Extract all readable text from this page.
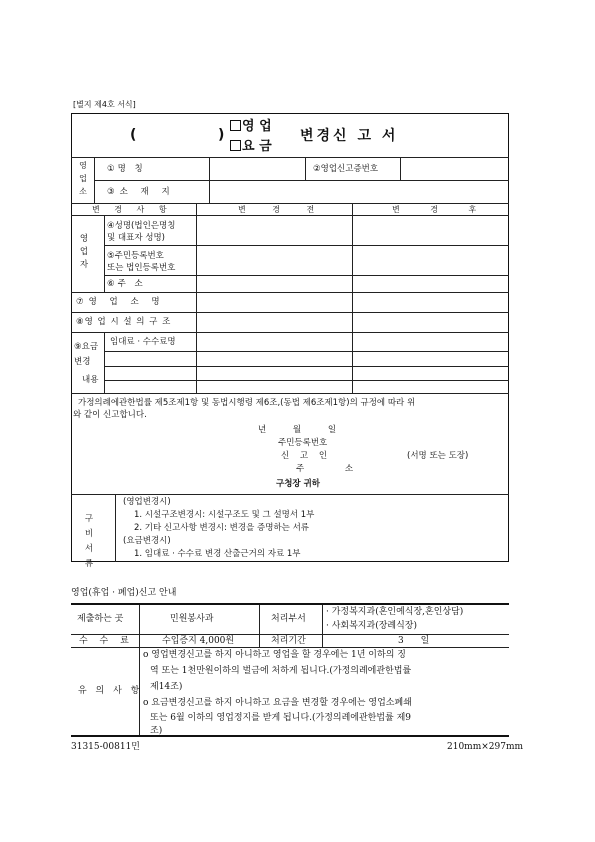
[별지 제4호 서식]
(	)
영 업
요 금
변경신 고 서
영업소
①명 칭	②영업신고증번호
③소 재 지
변 경 사 항	변 경 전	변 경 후
영업자
④성명(법인은명칭
및 대표자 성명)
⑤주민등록번호
또는 법인등록번호
⑥주 소
⑦영 업 소 명
⑧영 업 시 설 의 구 조
⑨요금
변경
내용
임대료 · 수수료명
가정의례에관한법률 제5조제1항 및 동법시행령 제6조,(동법 제6조제1항)의 규정에 따라 위
와 같이 신고합니다.
년 월 일
주민등록번호
신 고 인	(서명 또는 도장)
주 소
구청장 귀하
구비서류
(영업변경시)
1. 시설구조변경시: 시설구조도 및 그 설명서 1부
2. 기타 신고사항 변경시: 변경을 증명하는 서류
(요금변경시)
1. 임대료 · 수수료 변경 산출근거의 자료 1부
영업(휴업 · 폐업)신고 안내
제출하는 곳	민원봉사과	처리부서
· 가정복지과(혼인예식장,혼인상담)
· 사회복지과(장례식장)
수 수 료	수입증지 4,000원	처리기간	3 일
유 의 사 항
o 영업변경신고를 하지 아니하고 영업을 할 경우에는 1년 이하의 징
역 또는 1천만원이하의 벌금에 처하게 됩니다.(가정의례에관한법률
제14조)
o 요금변경신고를 하지 아니하고 요금을 변경할 경우에는 영업소폐쇄
또는 6월 이하의 영업정지를 받게 됩니다.(가정의례에관한법률 제9
조)
31315-00811민	210mm×297mm
